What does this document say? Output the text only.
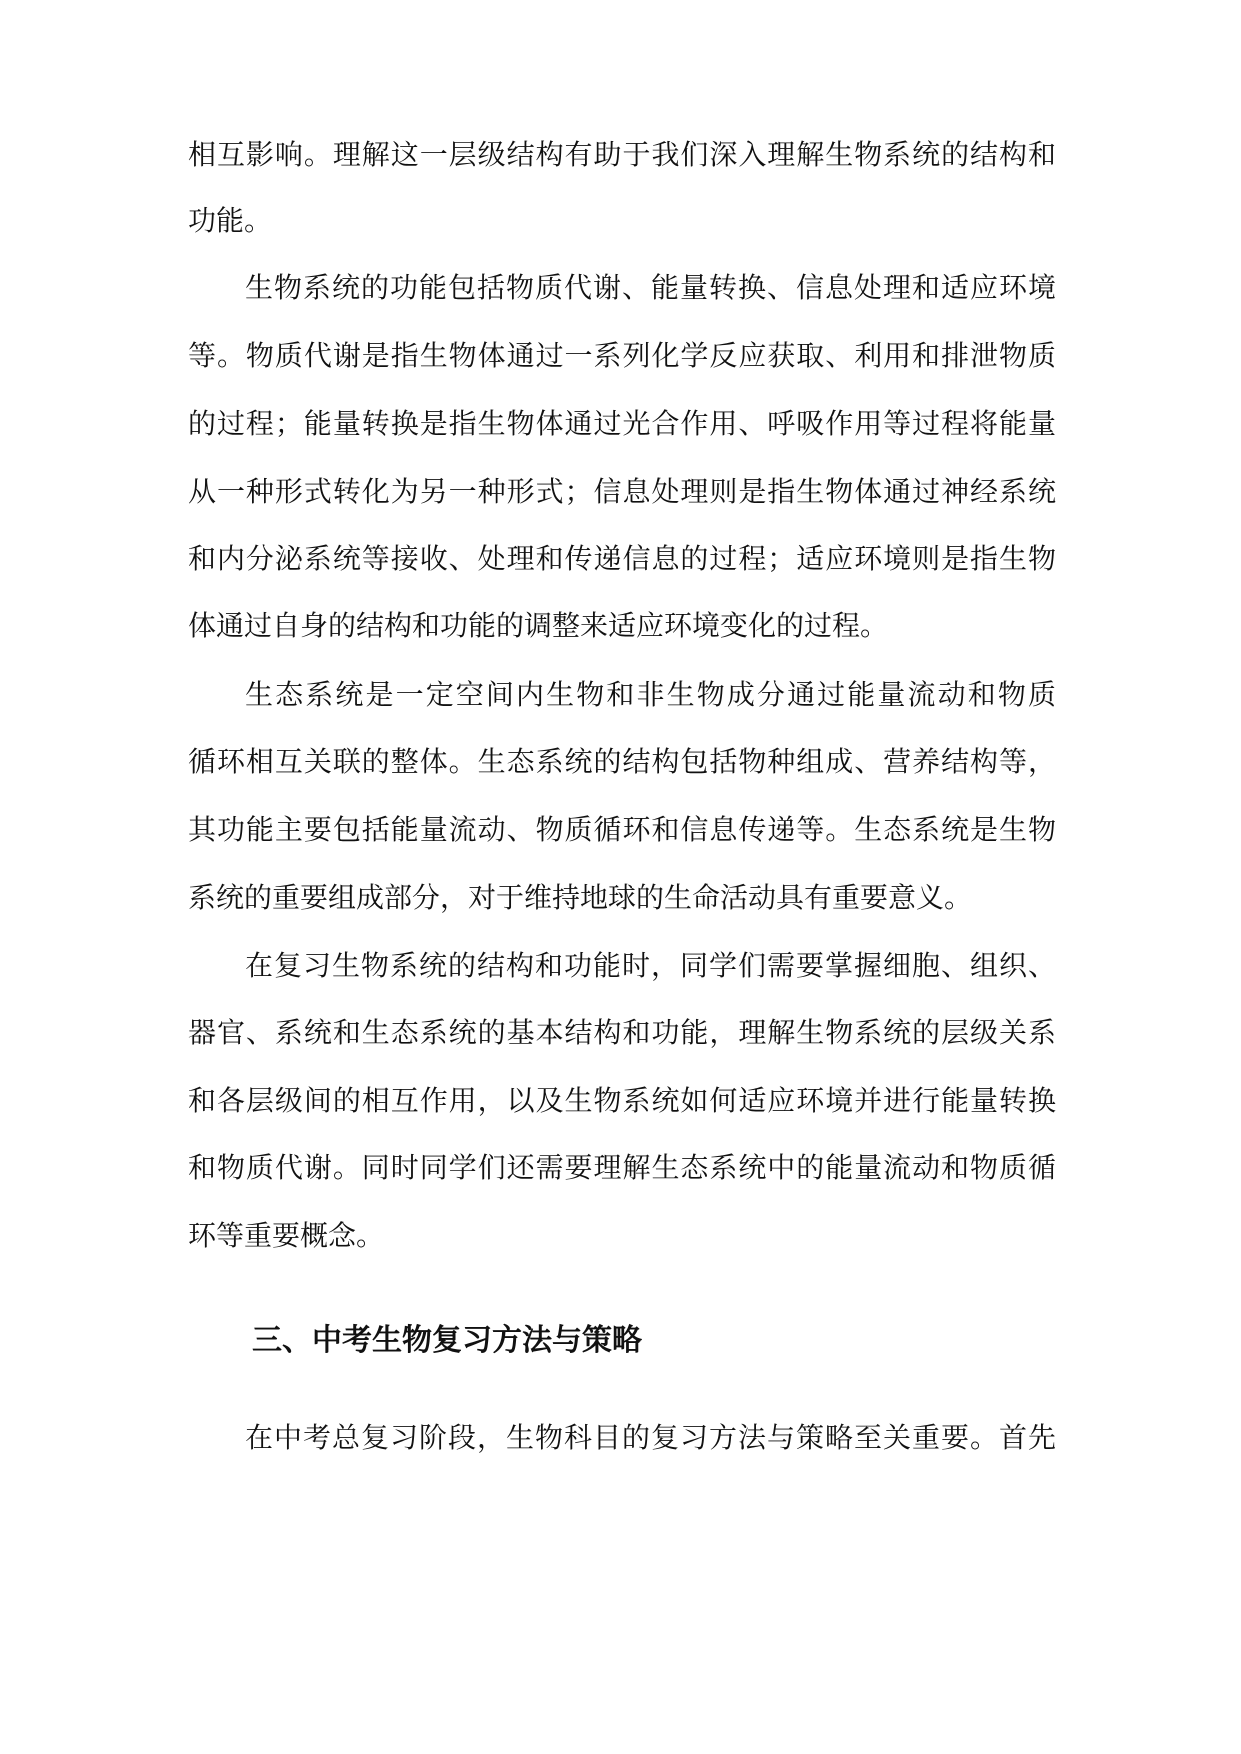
相互影响。理解这一层级结构有助于我们深入理解生物系统的结构和
功能。
生物系统的功能包括物质代谢、能量转换、信息处理和适应环境
等。物质代谢是指生物体通过一系列化学反应获取、利用和排泄物质
的过程；能量转换是指生物体通过光合作用、呼吸作用等过程将能量
从一种形式转化为另一种形式；信息处理则是指生物体通过神经系统
和内分泌系统等接收、处理和传递信息的过程；适应环境则是指生物
体通过自身的结构和功能的调整来适应环境变化的过程。
生态系统是一定空间内生物和非生物成分通过能量流动和物质
循环相互关联的整体。生态系统的结构包括物种组成、营养结构等，
其功能主要包括能量流动、物质循环和信息传递等。生态系统是生物
系统的重要组成部分，对于维持地球的生命活动具有重要意义。
在复习生物系统的结构和功能时，同学们需要掌握细胞、组织、
器官、系统和生态系统的基本结构和功能，理解生物系统的层级关系
和各层级间的相互作用，以及生物系统如何适应环境并进行能量转换
和物质代谢。同时同学们还需要理解生态系统中的能量流动和物质循
环等重要概念。
三、中考生物复习方法与策略
在中考总复习阶段，生物科目的复习方法与策略至关重要。首先
